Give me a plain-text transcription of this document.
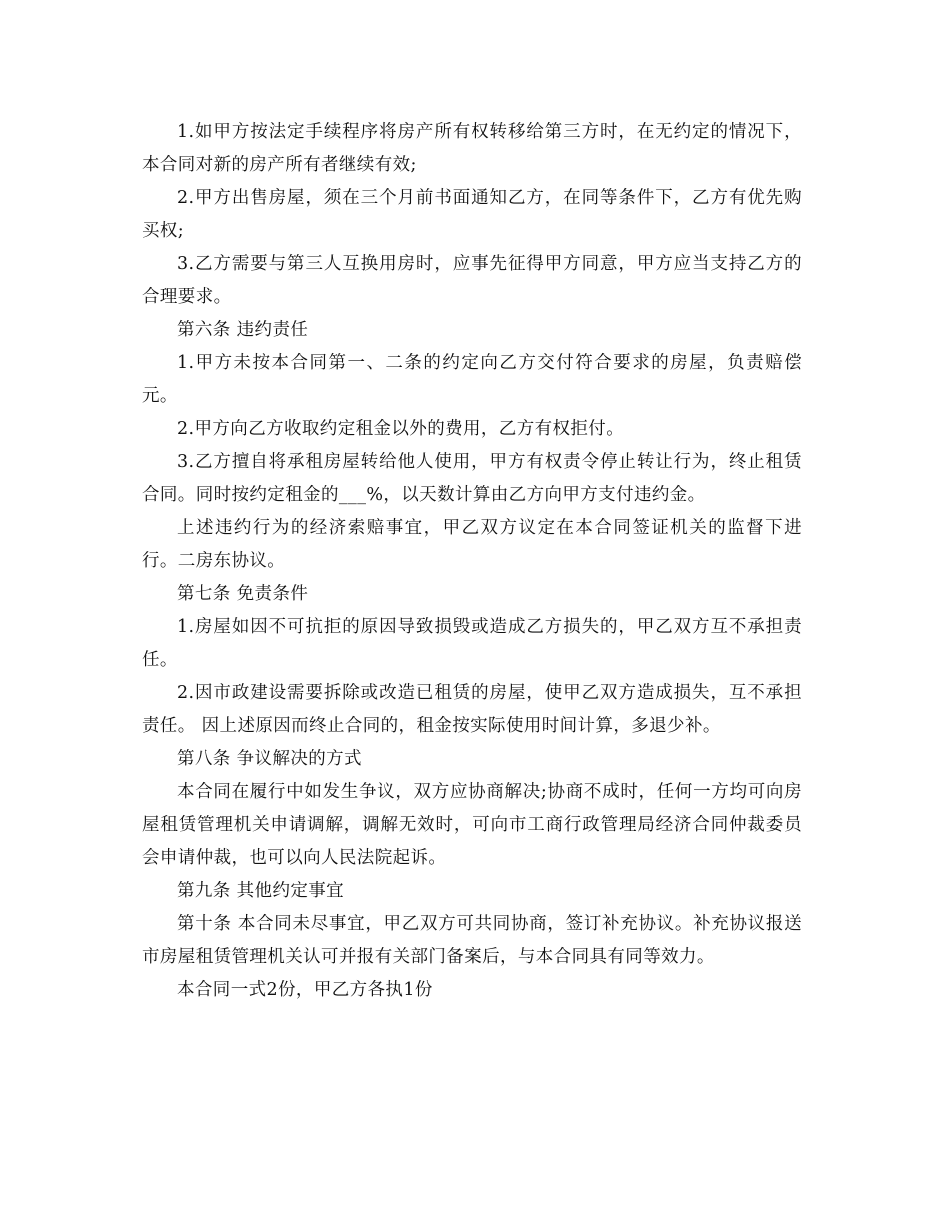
1.如甲方按法定手续程序将房产所有权转移给第三方时，在无约定的情况下，本合同对新的房产所有者继续有效;

2.甲方出售房屋，须在三个月前书面通知乙方，在同等条件下，乙方有优先购买权;

3.乙方需要与第三人互换用房时，应事先征得甲方同意，甲方应当支持乙方的合理要求。

第六条 违约责任

1.甲方未按本合同第一、二条的约定向乙方交付符合要求的房屋，负责赔偿元。

2.甲方向乙方收取约定租金以外的费用，乙方有权拒付。

3.乙方擅自将承租房屋转给他人使用，甲方有权责令停止转让行为，终止租赁合同。同时按约定租金的___%，以天数计算由乙方向甲方支付违约金。

上述违约行为的经济索赔事宜，甲乙双方议定在本合同签证机关的监督下进行。二房东协议。

第七条 免责条件

1.房屋如因不可抗拒的原因导致损毁或造成乙方损失的，甲乙双方互不承担责任。

2.因市政建设需要拆除或改造已租赁的房屋，使甲乙双方造成损失，互不承担责任。 因上述原因而终止合同的，租金按实际使用时间计算，多退少补。

第八条 争议解决的方式

本合同在履行中如发生争议，双方应协商解决;协商不成时，任何一方均可向房屋租赁管理机关申请调解，调解无效时，可向市工商行政管理局经济合同仲裁委员会申请仲裁，也可以向人民法院起诉。

第九条 其他约定事宜

第十条 本合同未尽事宜，甲乙双方可共同协商，签订补充协议。补充协议报送市房屋租赁管理机关认可并报有关部门备案后，与本合同具有同等效力。

本合同一式2份，甲乙方各执1份
